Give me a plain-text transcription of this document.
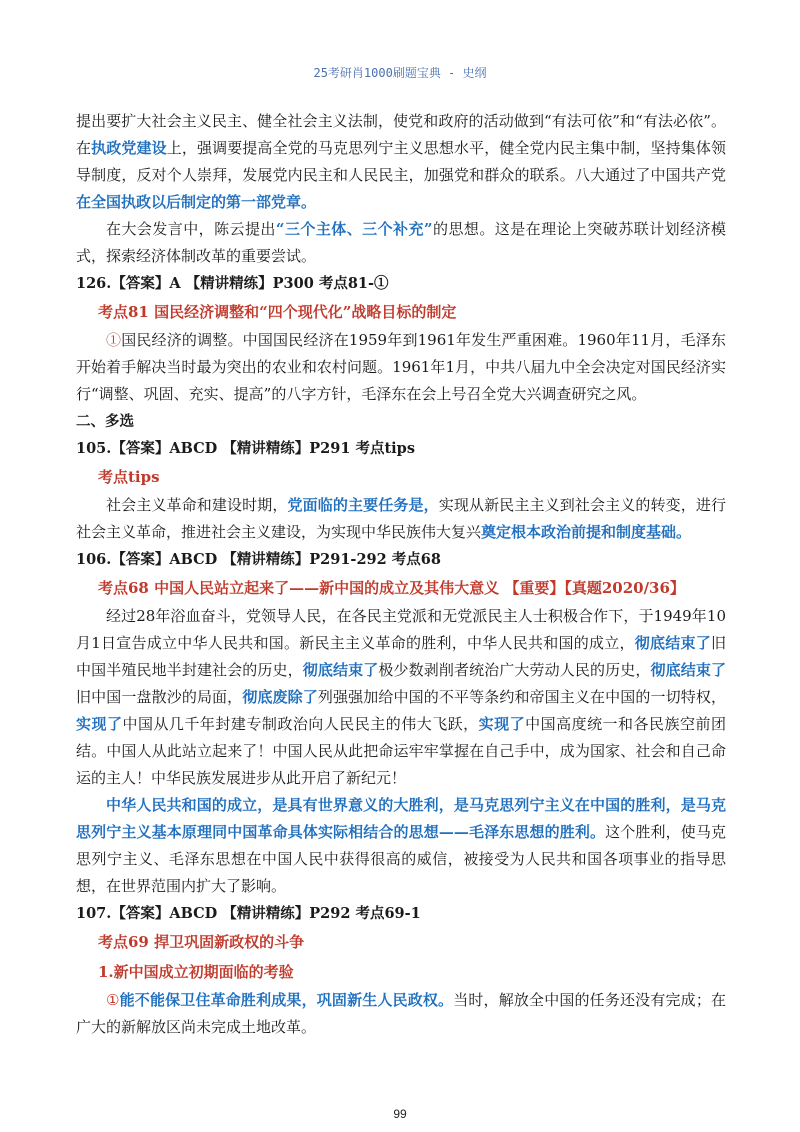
25考研肖1000刷题宝典 - 史纲

提出要扩大社会主义民主、健全社会主义法制，使党和政府的活动做到“有法可依”和“有法必依”。在执政党建设上，强调要提高全党的马克思列宁主义思想水平，健全党内民主集中制，坚持集体领导制度，反对个人崇拜，发展党内民主和人民民主，加强党和群众的联系。八大通过了中国共产党在全国执政以后制定的第一部党章。

在大会发言中，陈云提出“三个主体、三个补充”的思想。这是在理论上突破苏联计划经济模式，探索经济体制改革的重要尝试。

126.【答案】A 【精讲精练】P300 考点81-①

考点81 国民经济调整和“四个现代化”战略目标的制定

①国民经济的调整。中国国民经济在1959年到1961年发生严重困难。1960年11月，毛泽东开始着手解决当时最为突出的农业和农村问题。1961年1月，中共八届九中全会决定对国民经济实行“调整、巩固、充实、提高”的八字方针，毛泽东在会上号召全党大兴调查研究之风。

二、多选

105.【答案】ABCD 【精讲精练】P291 考点tips

考点tips

社会主义革命和建设时期，党面临的主要任务是，实现从新民主主义到社会主义的转变，进行社会主义革命，推进社会主义建设，为实现中华民族伟大复兴奠定根本政治前提和制度基础。

106.【答案】ABCD 【精讲精练】P291-292 考点68

考点68 中国人民站立起来了——新中国的成立及其伟大意义 【重要】【真题2020/36】

经过28年浴血奋斗，党领导人民，在各民主党派和无党派民主人士积极合作下，于1949年10月1日宣告成立中华人民共和国。新民主主义革命的胜利，中华人民共和国的成立，彻底结束了旧中国半殖民地半封建社会的历史，彻底结束了极少数剥削者统治广大劳动人民的历史，彻底结束了旧中国一盘散沙的局面，彻底废除了列强强加给中国的不平等条约和帝国主义在中国的一切特权，实现了中国从几千年封建专制政治向人民民主的伟大飞跃，实现了中国高度统一和各民族空前团结。中国人从此站立起来了！中国人民从此把命运牢牢掌握在自己手中，成为国家、社会和自己命运的主人！中华民族发展进步从此开启了新纪元！

中华人民共和国的成立，是具有世界意义的大胜利，是马克思列宁主义在中国的胜利，是马克思列宁主义基本原理同中国革命具体实际相结合的思想——毛泽东思想的胜利。这个胜利，使马克思列宁主义、毛泽东思想在中国人民中获得很高的威信，被接受为人民共和国各项事业的指导思想，在世界范围内扩大了影响。

107.【答案】ABCD 【精讲精练】P292 考点69-1

考点69 捍卫巩固新政权的斗争

1.新中国成立初期面临的考验

①能不能保卫住革命胜利成果，巩固新生人民政权。当时，解放全中国的任务还没有完成；在广大的新解放区尚未完成土地改革。

99
